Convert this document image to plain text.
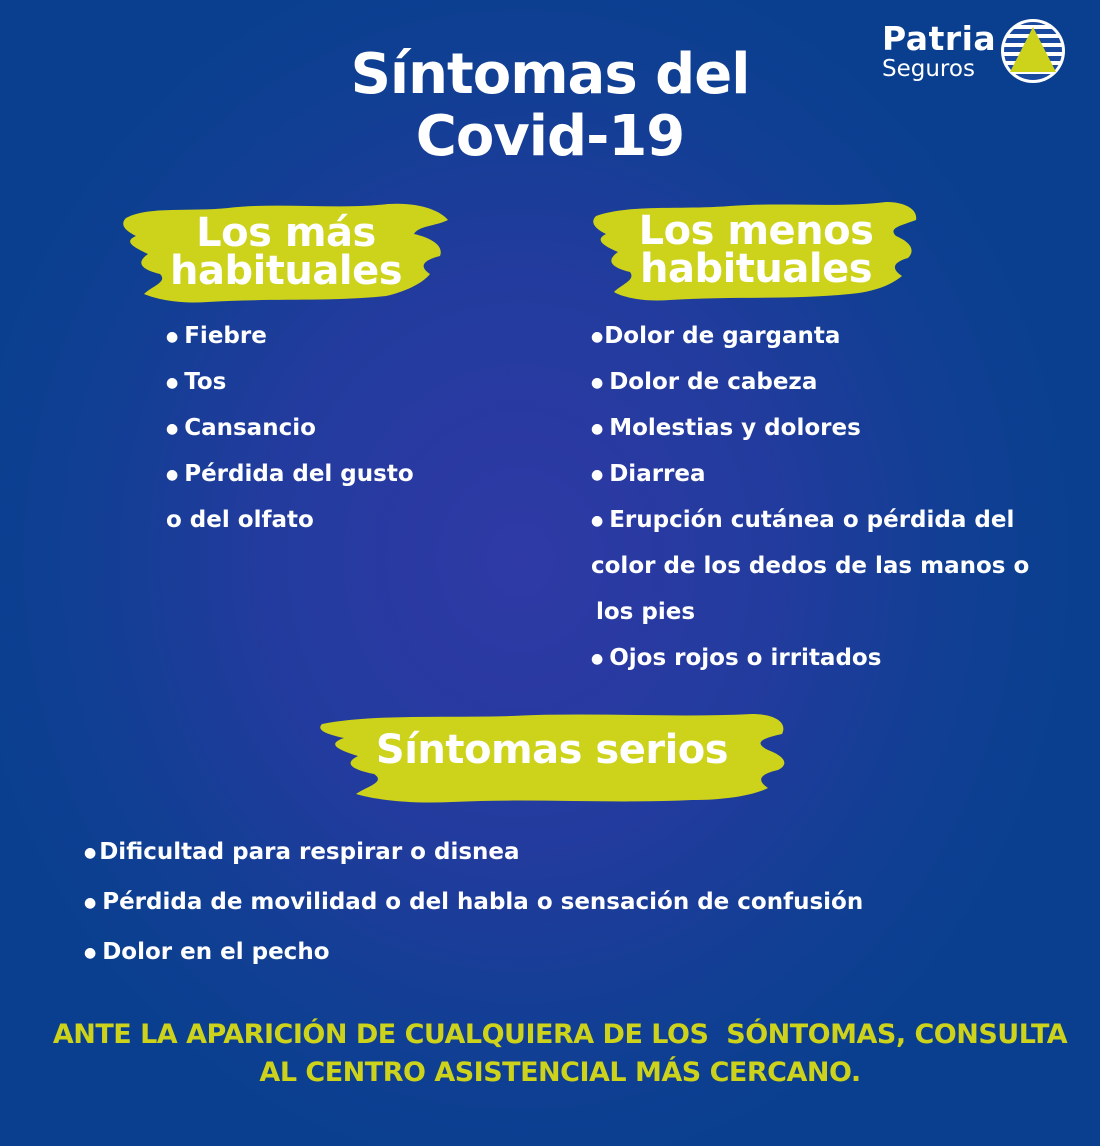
Síntomas del
Covid-19
Patria
Seguros
Los más
habituales
Los menos
habituales
● Fiebre
● Tos
● Cansancio
● Pérdida del gusto
o del olfato
●Dolor de garganta
● Dolor de cabeza
● Molestias y dolores
● Diarrea
● Erupción cutánea o pérdida del
color de los dedos de las manos o
los pies
● Ojos rojos o irritados
Síntomas serios
● Dificultad para respirar o disnea
● Pérdida de movilidad o del habla o sensación de confusión
● Dolor en el pecho
ANTE LA APARICIÓN DE CUALQUIERA DE LOS  SÓNTOMAS, CONSULTA
AL CENTRO ASISTENCIAL MÁS CERCANO.
